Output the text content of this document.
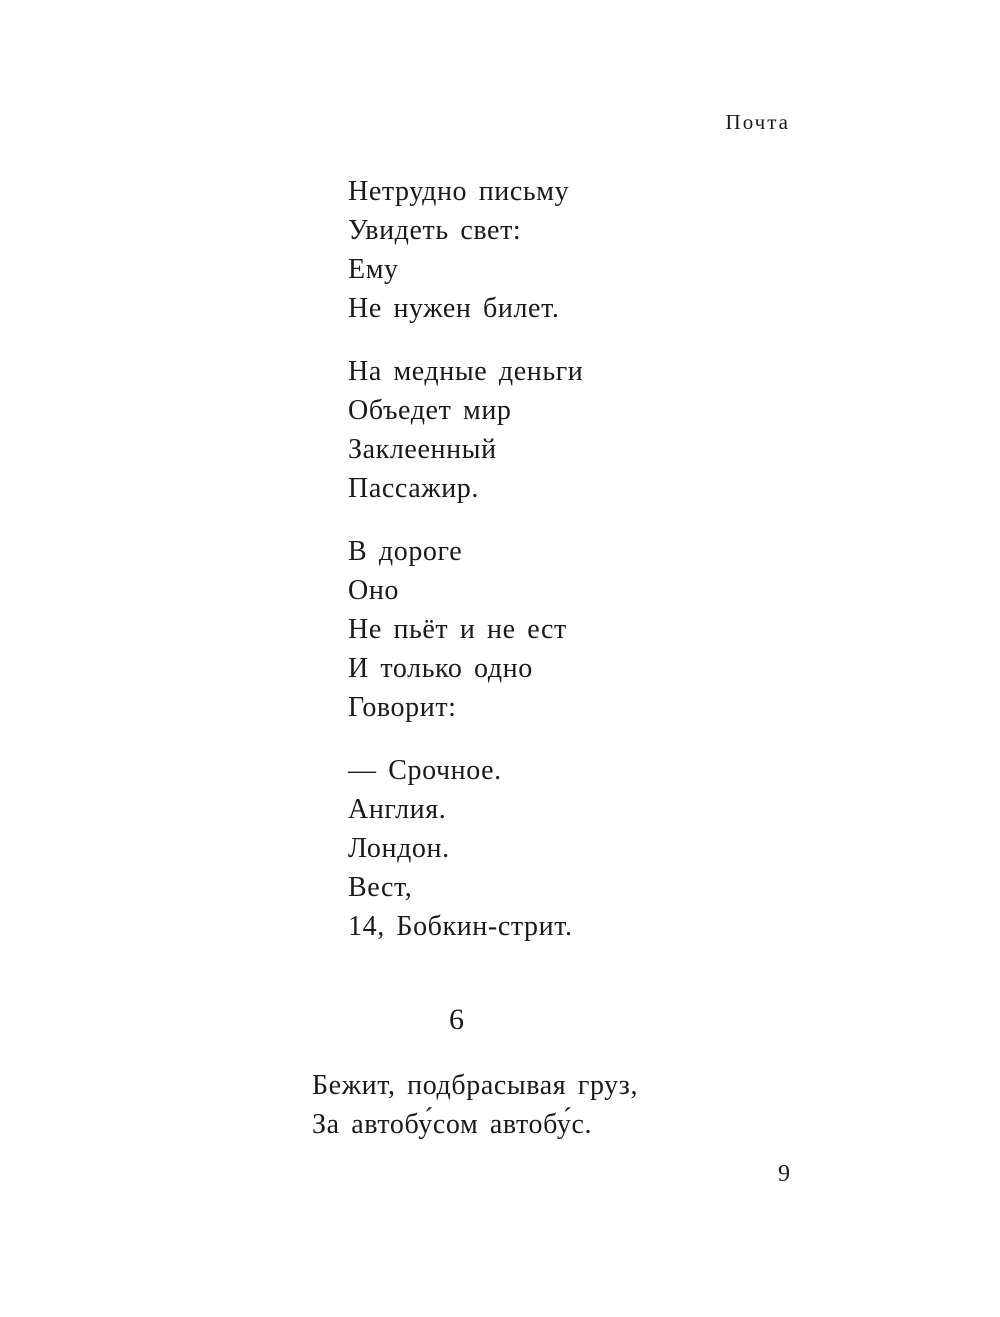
Почта
Нетрудно письму
Увидеть свет:
Ему
Не нужен билет.
На медные деньги
Объедет мир
Заклеенный
Пассажир.
В дороге
Оно
Не пьёт и не ест
И только одно
Говорит:
— Срочное.
Англия.
Лондон.
Вест,
14, Бобкин-стрит.
6
Бежит, подбрасывая груз,
За автобу́сом автобу́с.
9
